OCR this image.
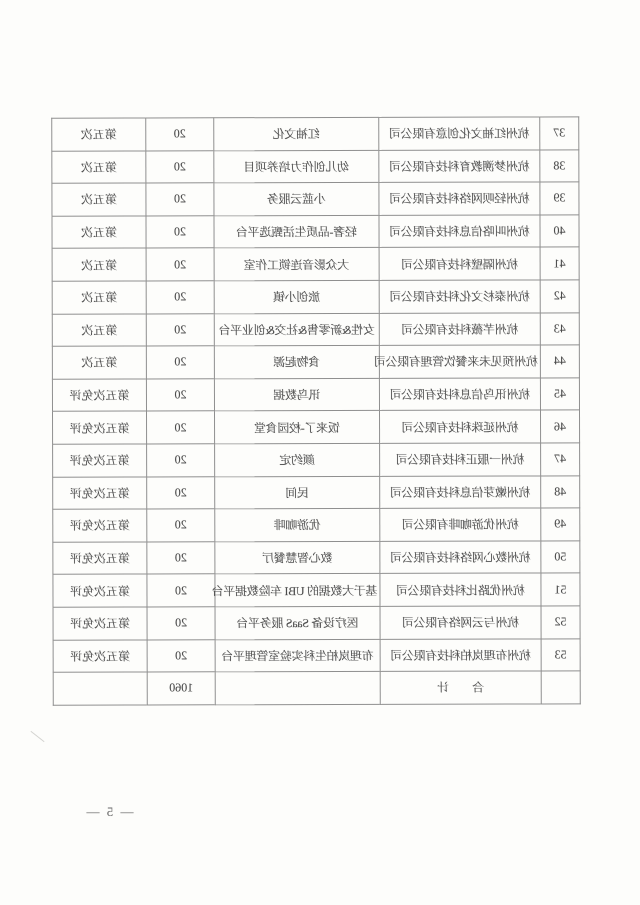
37	杭州红袖文化创意有限公司	红袖文化	20	第五次
38	杭州梦溯教育科技有限公司	幼儿创作力培养项目	20	第五次
39	杭州轻呗网络科技有限公司	小蓝云服务	20	第五次
40	杭州叫咯信息科技有限公司	轻奢-品质生活甄选平台	20	第五次
41	杭州隔壁科技有限公司	大众影音连锁工作室	20	第五次
42	杭州泰杉文化科技有限公司	旅创小镇	20	第五次
43	杭州芊薇科技有限公司	女性&新零售&社交&创业平台	20	第五次
44	杭州预见未来餐饮管理有限公司	食物起源	20	第五次
45	杭州讯鸟信息科技有限公司	讯鸟数据	20	第五次免评
46	杭州延珠科技有限公司	饭来了-校园食堂	20	第五次免评
47	杭州一服正科技有限公司	颜约定	20	第五次免评
48	杭州嫩芽信息科技有限公司	民间	20	第五次免评
49	杭州优游咖啡有限公司	优游咖啡	20	第五次免评
50	杭州数心网络科技有限公司	数心智慧餐厅	20	第五次免评
51	杭州优路比科技有限公司	基于大数据的 UBI 车险数据平台	20	第五次免评
52	杭州与云网络有限公司	医疗设备 SaaS 服务平台	20	第五次免评
53	杭州布理岚柏科技有限公司	布理岚柏生科实验室管理平台	20	第五次免评
	合　　计		1060	
— 5 —
